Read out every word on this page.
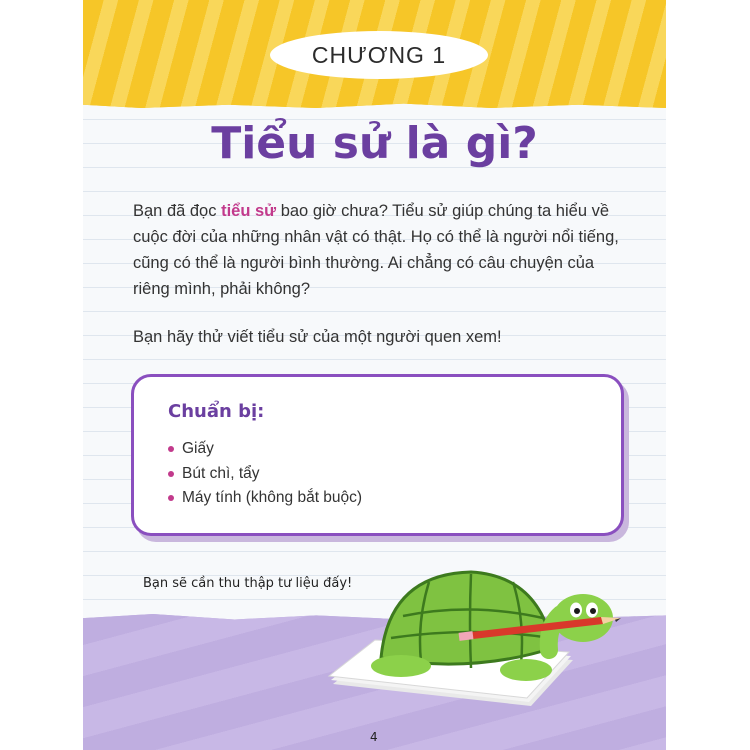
CHƯƠNG 1
Tiểu sử là gì?

Bạn đã đọc tiểu sử bao giờ chưa? Tiểu sử giúp chúng ta hiểu về cuộc đời của những nhân vật có thật. Họ có thể là người nổi tiếng, cũng có thể là người bình thường. Ai chẳng có câu chuyện của riêng mình, phải không?

Bạn hãy thử viết tiểu sử của một người quen xem!

Chuẩn bị:
Giấy
Bút chì, tẩy
Máy tính (không bắt buộc)

Bạn sẽ cần thu thập tư liệu đấy!

4
